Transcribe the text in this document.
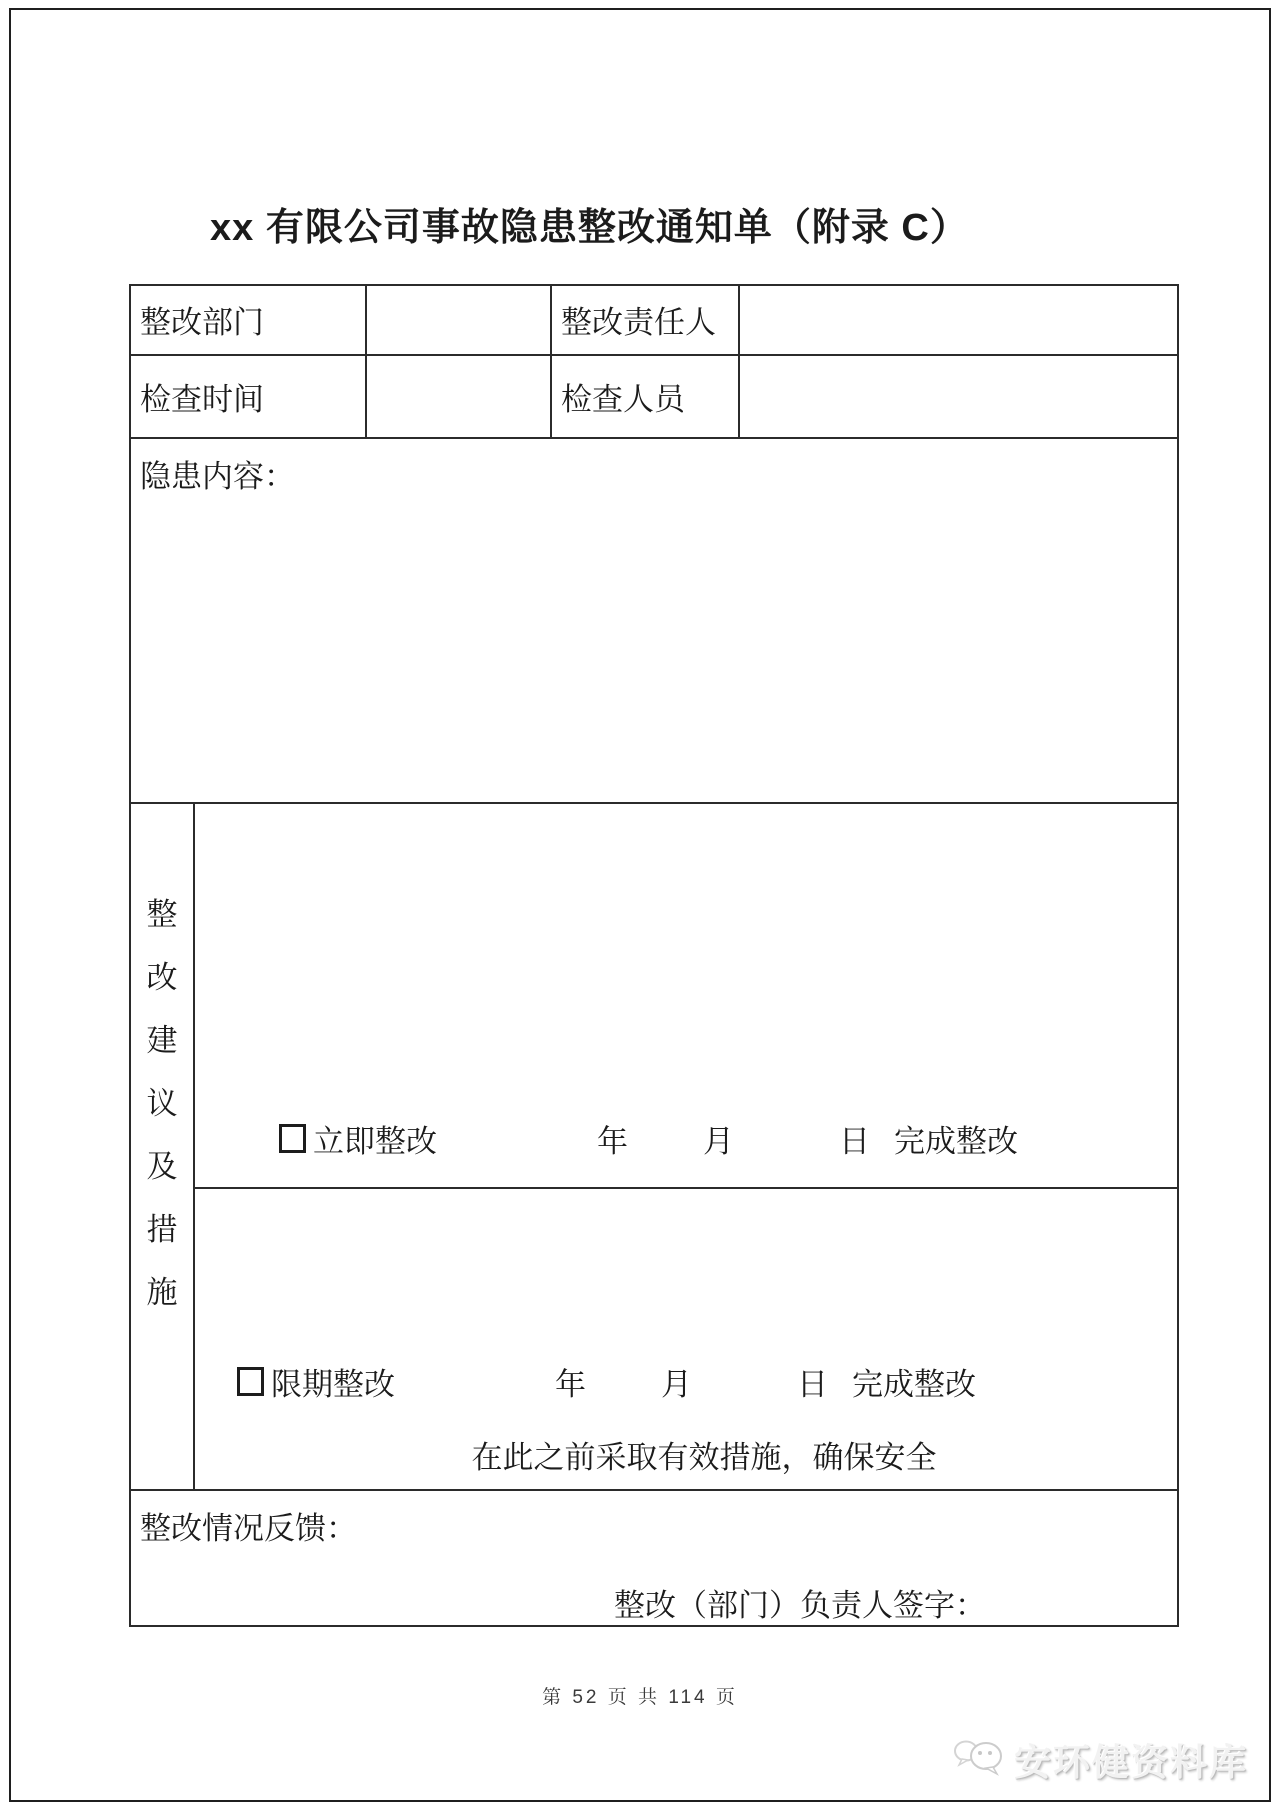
xx 有限公司事故隐患整改通知单（附录 C）
整改部门	整改责任人
检查时间	检查人员
隐患内容：
整
改
建
议
及
措
施
立即整改	年 月	日 完成整改
限期整改	年 月	日 完成整改
在此之前采取有效措施，确保安全
整改情况反馈：
整改（部门）负责人签字：
第 52 页 共 114 页
安环健资料库
